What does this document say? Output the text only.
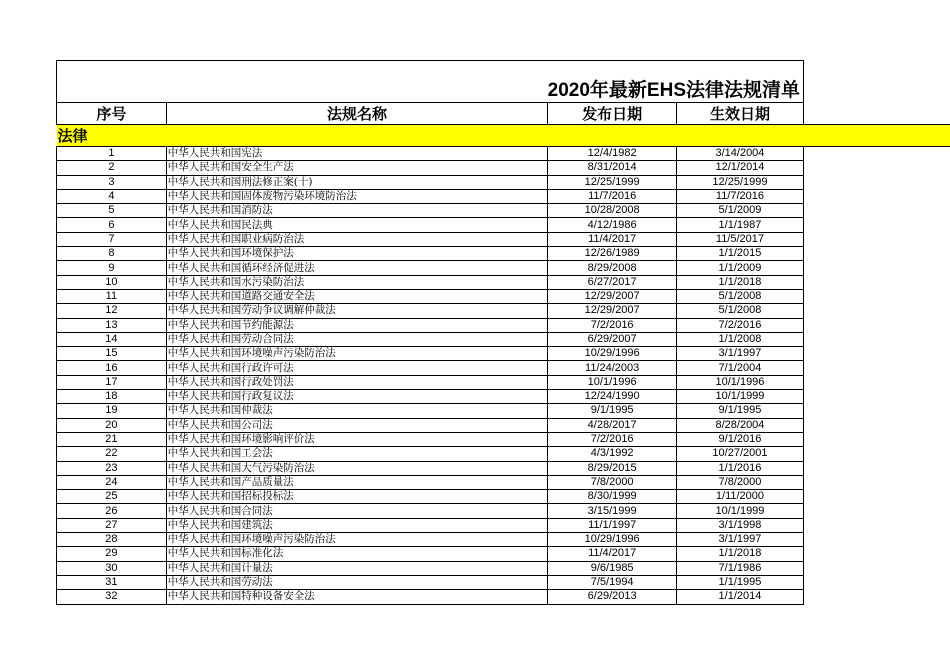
2020年最新EHS法律法规清单
序号	法规名称	发布日期	生效日期	
法律				
1	中华人民共和国宪法	12/4/1982	3/14/2004	
2	中华人民共和国安全生产法	8/31/2014	12/1/2014	
3	中华人民共和国刑法修正案(十)	12/25/1999	12/25/1999	
4	中华人民共和国固体废物污染环境防治法	11/7/2016	11/7/2016	
5	中华人民共和国消防法	10/28/2008	5/1/2009	
6	中华人民共和国民法典	4/12/1986	1/1/1987	
7	中华人民共和国职业病防治法	11/4/2017	11/5/2017	
8	中华人民共和国环境保护法	12/26/1989	1/1/2015	
9	中华人民共和国循环经济促进法	8/29/2008	1/1/2009	
10	中华人民共和国水污染防治法	6/27/2017	1/1/2018	
11	中华人民共和国道路交通安全法	12/29/2007	5/1/2008	
12	中华人民共和国劳动争议调解仲裁法	12/29/2007	5/1/2008	
13	中华人民共和国节约能源法	7/2/2016	7/2/2016	
14	中华人民共和国劳动合同法	6/29/2007	1/1/2008	
15	中华人民共和国环境噪声污染防治法	10/29/1996	3/1/1997	
16	中华人民共和国行政许可法	11/24/2003	7/1/2004	
17	中华人民共和国行政处罚法	10/1/1996	10/1/1996	
18	中华人民共和国行政复议法	12/24/1990	10/1/1999	
19	中华人民共和国仲裁法	9/1/1995	9/1/1995	
20	中华人民共和国公司法	4/28/2017	8/28/2004	
21	中华人民共和国环境影响评价法	7/2/2016	9/1/2016	
22	中华人民共和国工会法	4/3/1992	10/27/2001	
23	中华人民共和国大气污染防治法	8/29/2015	1/1/2016	
24	中华人民共和国产品质量法	7/8/2000	7/8/2000	
25	中华人民共和国招标投标法	8/30/1999	1/11/2000	
26	中华人民共和国合同法	3/15/1999	10/1/1999	
27	中华人民共和国建筑法	11/1/1997	3/1/1998	
28	中华人民共和国环境噪声污染防治法	10/29/1996	3/1/1997	
29	中华人民共和国标准化法	11/4/2017	1/1/2018	
30	中华人民共和国计量法	9/6/1985	7/1/1986	
31	中华人民共和国劳动法	7/5/1994	1/1/1995	
32	中华人民共和国特种设备安全法	6/29/2013	1/1/2014	
